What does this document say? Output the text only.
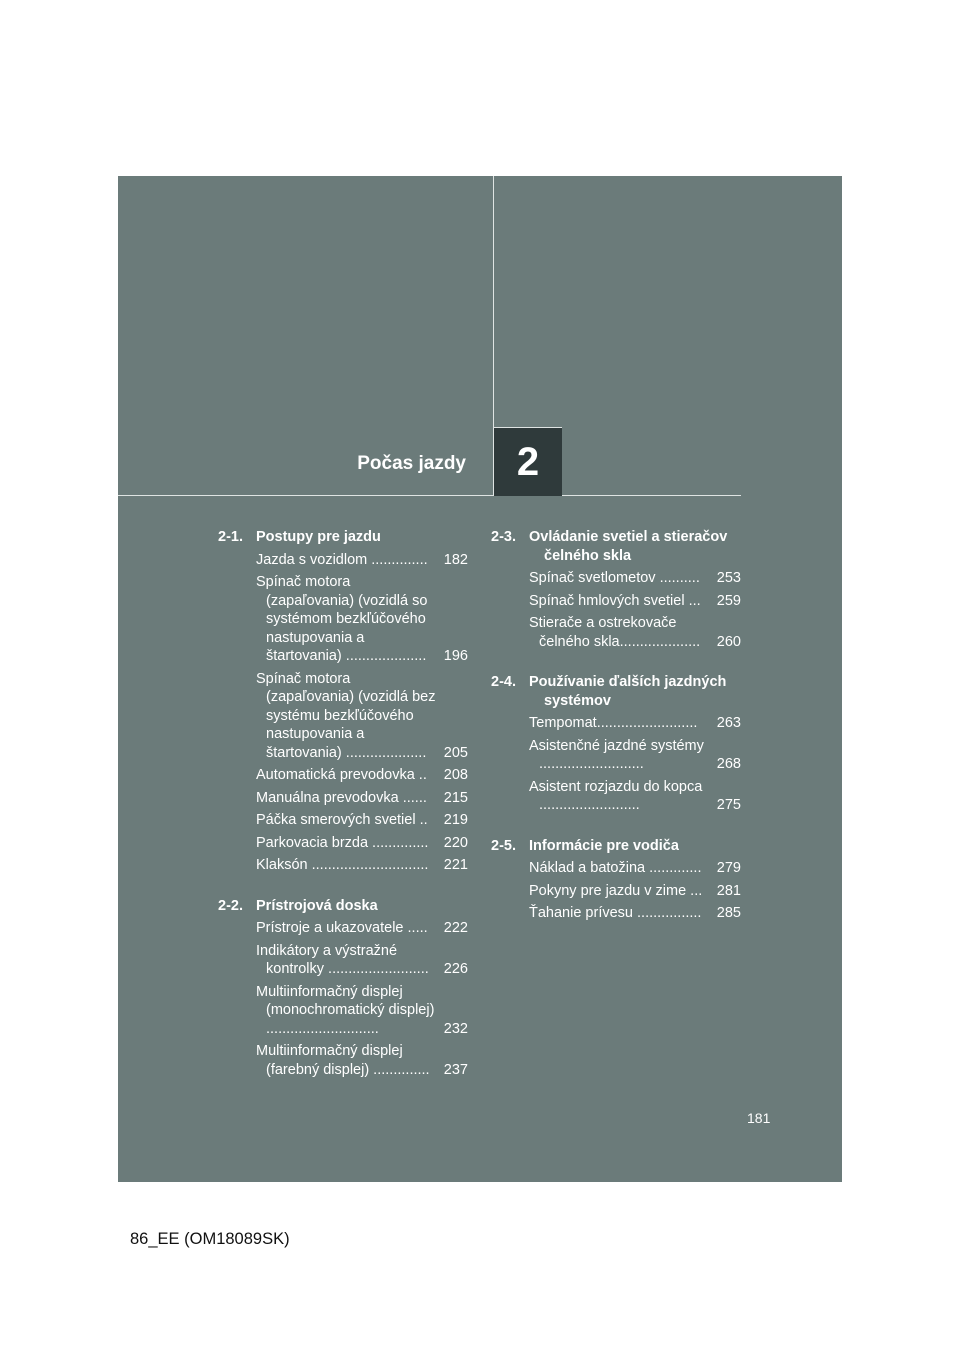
Počas jazdy 2
2-1. Postupy pre jazdu
Jazda s vozidlom ..............	182
Spínač motora (zapaľovania) (vozidlá so systémom bezkľúčového nastupovania a štartovania) ....................	196
Spínač motora (zapaľovania) (vozidlá bez systému bezkľúčového nastupovania a štartovania) ....................	205
Automatická prevodovka ..	208
Manuálna prevodovka ......	215
Páčka smerových svetiel ..	219
Parkovacia brzda ..............	220
Klaksón .............................	221
2-2. Prístrojová doska
Prístroje a ukazovatele .....	222
Indikátory a výstražné kontrolky .........................	226
Multiinformačný displej (monochromatický displej) ............................	232
Multiinformačný displej (farebný displej) .............. 237
2-3. Ovládanie svetiel a stieračov čelného skla
Spínač svetlometov ..........	253
Spínač hmlových svetiel ...	259
Stierače a ostrekovače čelného skla....................	260
2-4. Používanie ďalších jazdných systémov
Tempomat.........................	263
Asistenčné jazdné systémy ..........................	268
Asistent rozjazdu do kopca .........................	275
2-5. Informácie pre vodiča
Náklad a batožina .............	279
Pokyny pre jazdu v zime ...	281
Ťahanie prívesu ................	285
181
86_EE (OM18089SK)
